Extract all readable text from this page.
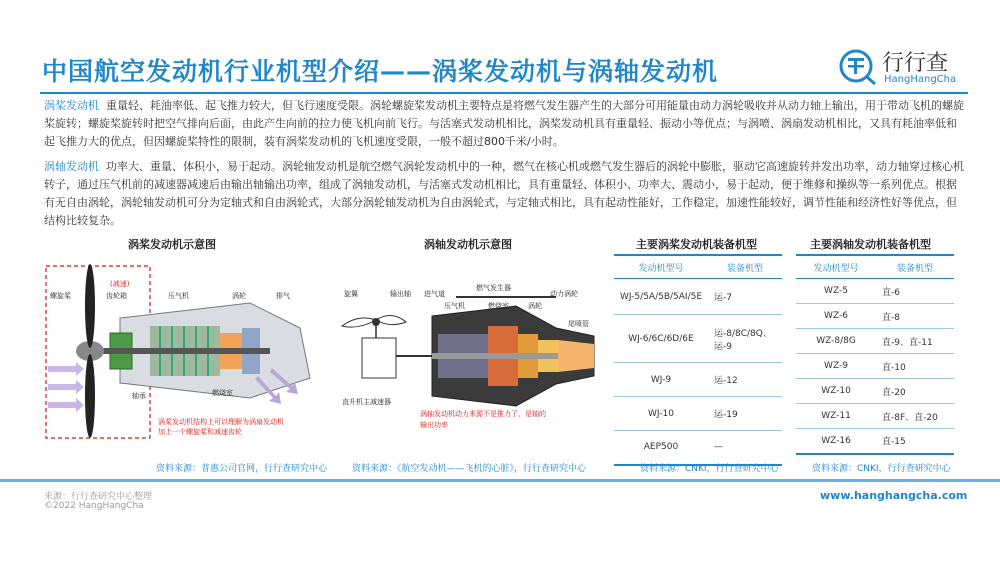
中国航空发动机行业机型介绍——涡桨发动机与涡轴发动机	行行查
HangHangCha
涡桨发动机 重量轻、耗油率低、起飞推力较大，但飞行速度受限。涡轮螺旋桨发动机主要特点是将燃气发生器产生的大部分可用能量由动力涡轮吸收并从动力轴上输出，用于带动飞机的螺旋桨旋转；螺旋桨旋转时把空气排向后面，由此产生向前的拉力使飞机向前飞行。与活塞式发动机相比，涡桨发动机具有重量轻、振动小等优点；与涡喷、涡扇发动机相比，又具有耗油率低和起飞推力大的优点，但因螺旋桨特性的限制，装有涡桨发动机的飞机速度受限，一般不超过800千米/小时。
涡轴发动机 功率大、重量、体积小，易于起动。涡轮轴发动机是航空燃气涡轮发动机中的一种，燃气在核心机或燃气发生器后的涡轮中膨胀，驱动它高速旋转并发出功率，动力轴穿过核心机转子，通过压气机前的减速器减速后由输出轴输出功率，组成了涡轴发动机，与活塞式发动机相比，具有重量轻、体积小、功率大、震动小，易于起动，便于维修和操纵等一系列优点。根据有无自由涡轮，涡轮轴发动机可分为定轴式和自由涡轮式，大部分涡轮轴发动机为自由涡轮式，与定轴式相比，具有起动性能好，工作稳定，加速性能较好，调节性能和经济性好等优点，但结构比较复杂。
涡桨发动机示意图
螺旋桨
(减速)
齿轮箱	压气机	涡轮	排气
轴承	燃烧室
涡桨发动机结构上可以理解为涡扇发动机
加上一个螺旋桨和减速齿轮
资料来源：普惠公司官网，行行查研究中心
涡轴发动机示意图
旋翼	输出轴 进气道
燃气发生器
动力涡轮
压气机	燃烧室	涡轮
尾喷管
直升机主减速器
涡轴发动机动力来源不是推力了，是轴的
输出功率
资料来源：《航空发动机——飞机的心脏》，行行查研究中心
主要涡桨发动机装备机型
发动机型号	装备机型
WJ-5/5A/5B/5AI/5E	运-7
WJ-6/6C/6D/6E	运-8/8C/8Q、运-9
WJ-9	运-12
WJ-10	运-19
AEP500	—
资料来源：CNKI，行行查研究中心
主要涡轴发动机装备机型
发动机型号	装备机型
WZ-5	直-6
WZ-6	直-8
WZ-8/8G	直-9、直-11
WZ-9	直-10
WZ-10	直-20
WZ-11	直-8F、直-20
WZ-16	直-15
资料来源：CNKI，行行查研究中心
来源：行行查研究中心整理
©2022 HangHangCha
www.hanghangcha.com
